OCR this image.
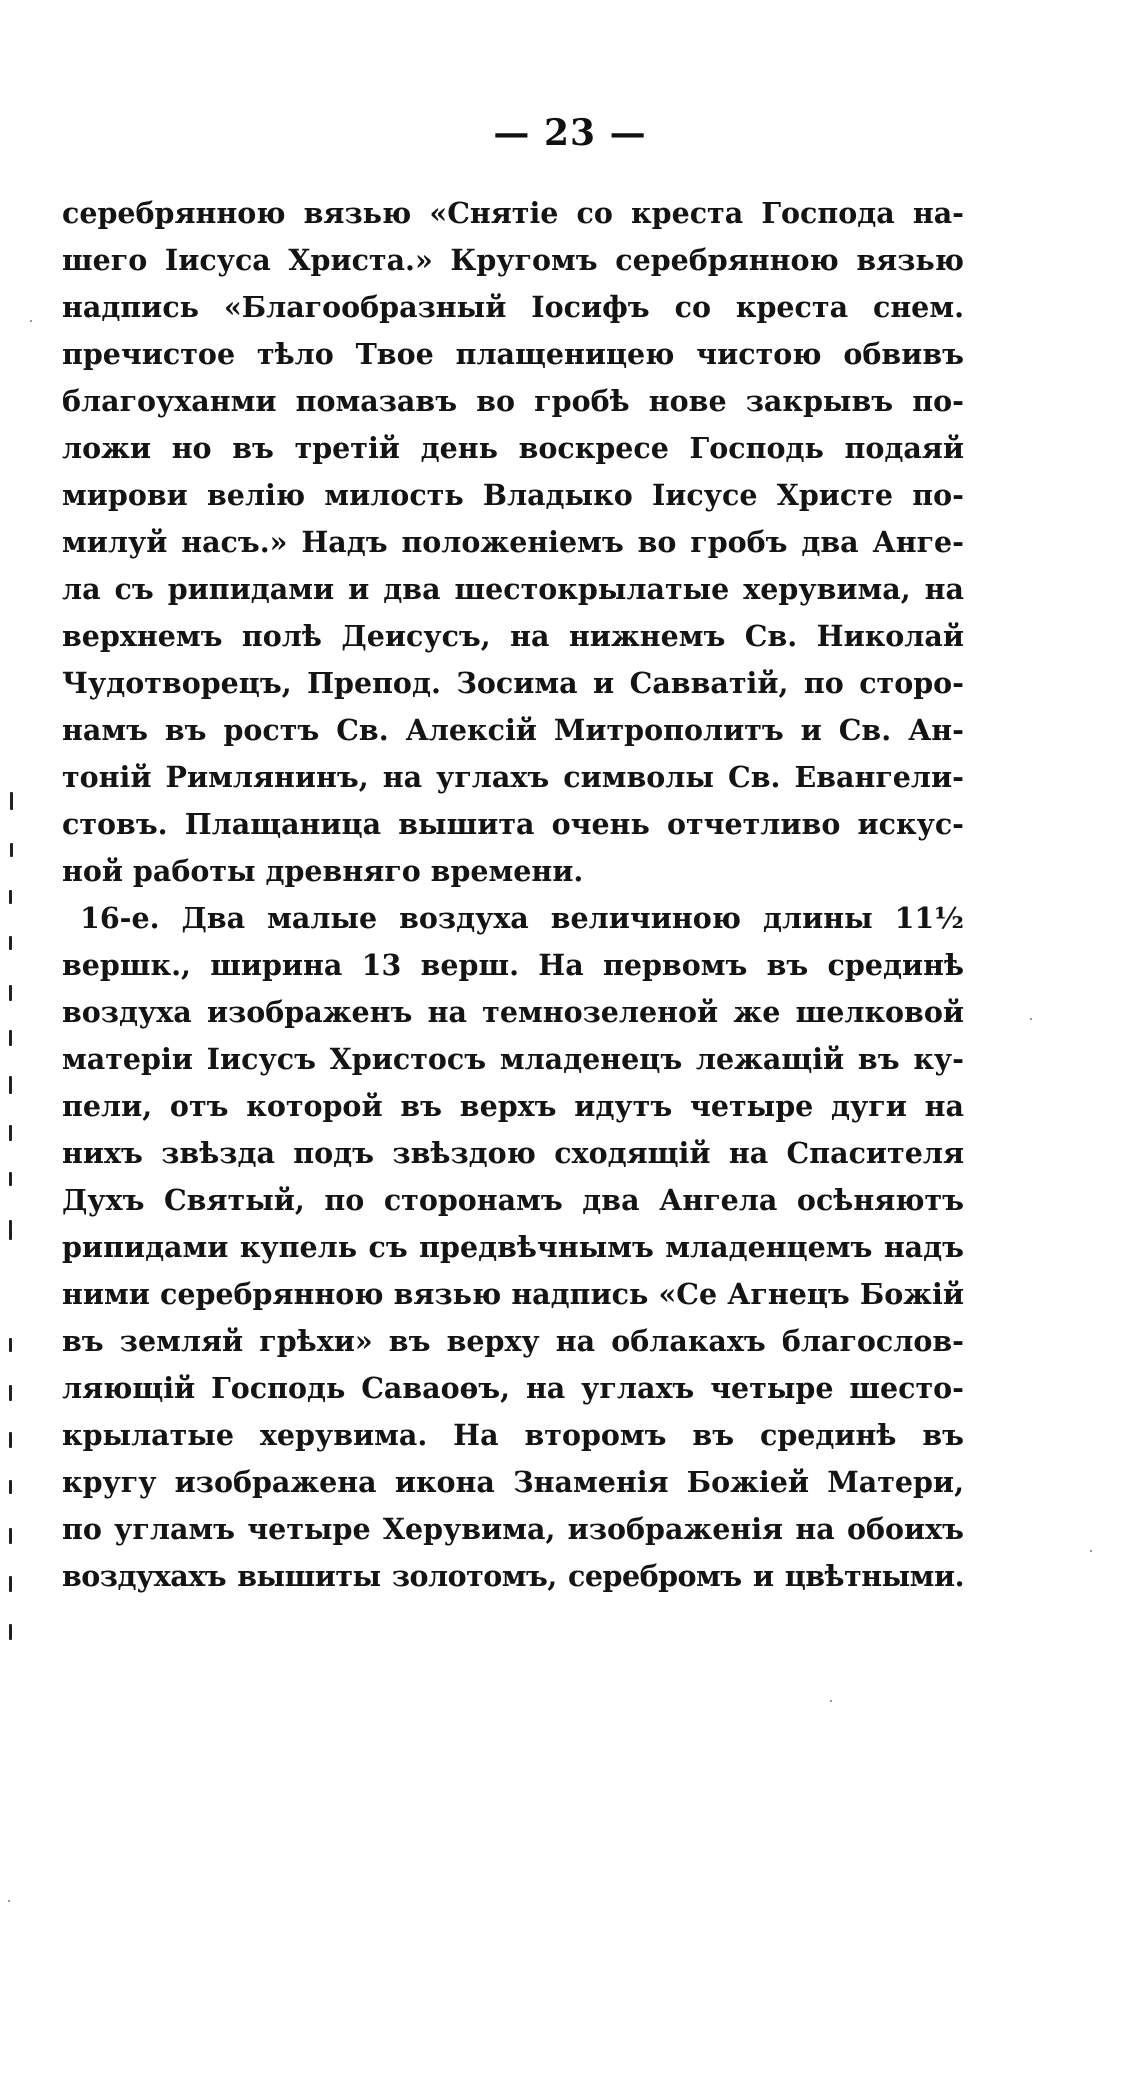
— 23 —
серебрянною вязью «Снятіе со креста Господа на-
шего Іисуса Христа.» Кругомъ серебрянною вязью
надпись «Благообразный Іосифъ со креста снем.
пречистое тѣло Твое плащеницею чистою обвивъ
благоуханми помазавъ во гробѣ нове закрывъ по-
ложи но въ третій день воскресе Господь подаяй
мирови велію милость Владыко Іисусе Христе по-
милуй насъ.» Надъ положеніемъ во гробъ два Анге-
ла съ рипидами и два шестокрылатые херувима, на
верхнемъ полѣ Деисусъ, на нижнемъ Св. Николай
Чудотворецъ, Препод. Зосима и Савватій, по сторо-
намъ въ ростъ Св. Алексій Митрополитъ и Св. Ан-
тоній Римлянинъ, на углахъ символы Св. Евангели-
стовъ. Плащаница вышита очень отчетливо искус-
ной работы древняго времени.
16-е. Два малые воздуха величиною длины 11½
вершк., ширина 13 верш. На первомъ въ срединѣ
воздуха изображенъ на темнозеленой же шелковой
матеріи Іисусъ Христосъ младенецъ лежащій въ ку-
пели, отъ которой въ верхъ идутъ четыре дуги на
нихъ звѣзда подъ звѣздою сходящій на Спасителя
Духъ Святый, по сторонамъ два Ангела осѣняютъ
рипидами купель съ предвѣчнымъ младенцемъ надъ
ними серебрянною вязью надпись «Се Агнецъ Божій
въ земляй грѣхи» въ верху на облакахъ благослов-
ляющій Господь Саваоѳъ, на углахъ четыре шесто-
крылатые херувима. На второмъ въ срединѣ въ
кругу изображена икона Знаменія Божіей Матери,
по угламъ четыре Херувима, изображенія на обоихъ
воздухахъ вышиты золотомъ, серебромъ и цвѣтными.
